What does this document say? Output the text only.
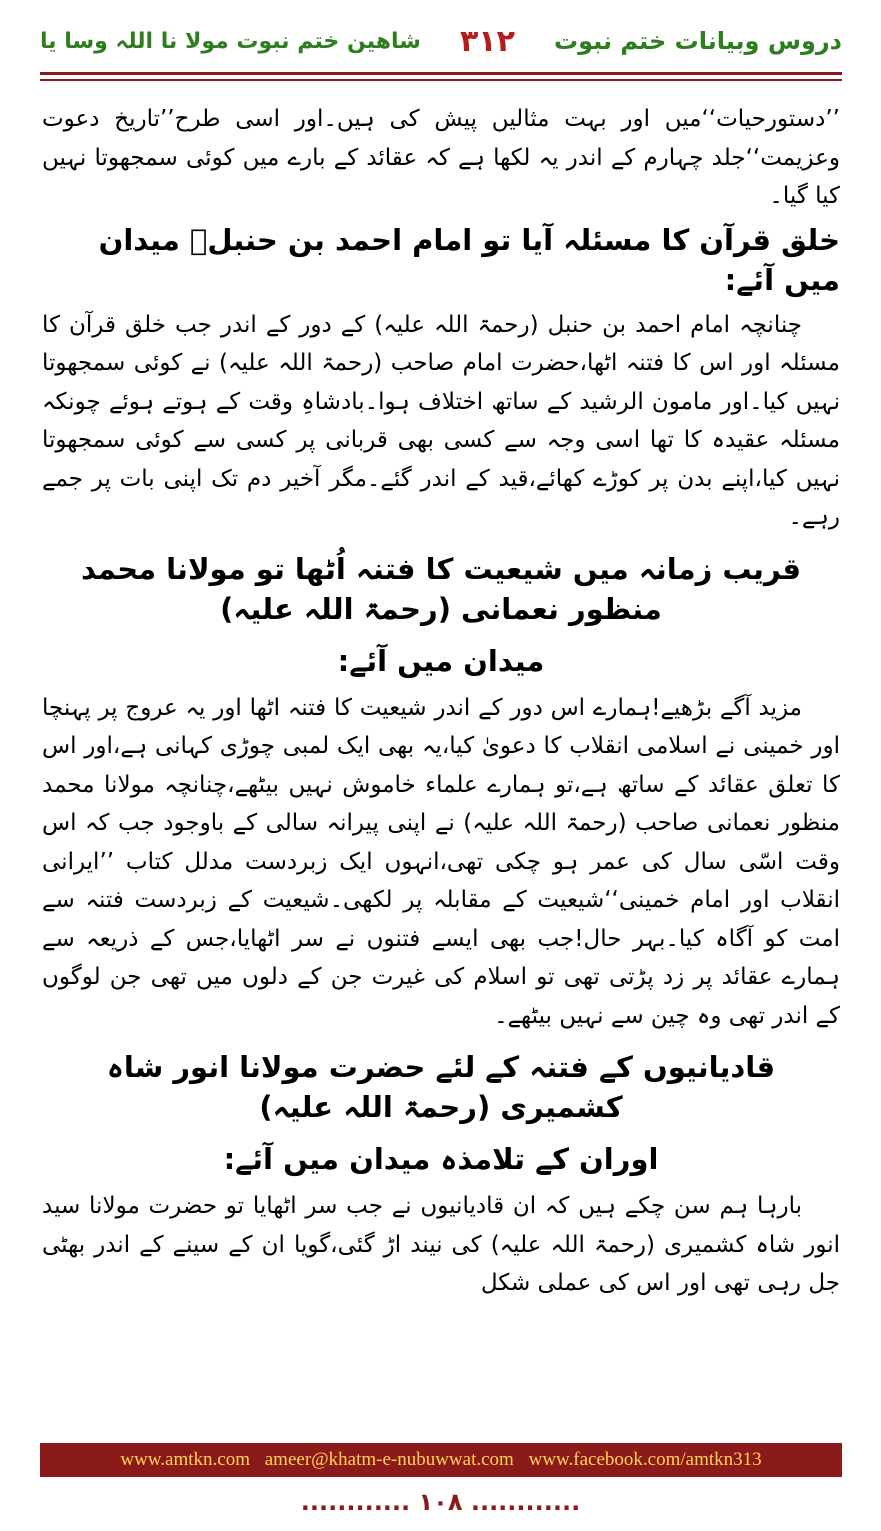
دروس وبیانات ختم نبوت
۳۱۲
شاھین ختم نبوت مولا نا اللہ وسا یا

’’دستورحیات‘‘میں اور بہت مثالیں پیش کی ہیں۔اور اسی طرح’’تاریخ دعوت وعزیمت‘‘جلد چہارم کے اندر یہ لکھا ہے کہ عقائد کے بارے میں کوئی سمجھوتا نہیں کیا گیا۔

خلق قرآن کا مسئلہ آیا تو امام احمد بن حنبلؒ میدان میں آئے:

چنانچہ امام احمد بن حنبل (رحمۃ اللہ علیہ) کے دور کے اندر جب خلق قرآن کا مسئلہ اور اس کا فتنہ اٹھا،حضرت امام صاحب (رحمۃ اللہ علیہ) نے کوئی سمجھوتا نہیں کیا۔اور مامون الرشید کے ساتھ اختلاف ہوا۔بادشاہِ وقت کے ہوتے ہوئے چونکہ مسئلہ عقیدہ کا تھا اسی وجہ سے کسی بھی قربانی پر کسی سے کوئی سمجھوتا نہیں کیا،اپنے بدن پر کوڑے کھائے،قید کے اندر گئے۔مگر آخیر دم تک اپنی بات پر جمے رہے۔

قریب زمانہ میں شیعیت کا فتنہ اُٹھا تو مولانا محمد منظور نعمانی (رحمۃ اللہ علیہ)
میدان میں آئے:

مزید آگے بڑھیے!ہمارے اس دور کے اندر شیعیت کا فتنہ اٹھا اور یہ عروج پر پہنچا اور خمینی نے اسلامی انقلاب کا دعویٰ کیا،یہ بھی ایک لمبی چوڑی کہانی ہے،اور اس کا تعلق عقائد کے ساتھ ہے،تو ہمارے علماء خاموش نہیں بیٹھے،چنانچہ مولانا محمد منظور نعمانی صاحب (رحمۃ اللہ علیہ) نے اپنی پیرانہ سالی کے باوجود جب کہ اس وقت اسّی سال کی عمر ہو چکی تھی،انہوں ایک زبردست مدلل کتاب ’’ایرانی انقلاب اور امام خمینی‘‘شیعیت کے مقابلہ پر لکھی۔شیعیت کے زبردست فتنہ سے امت کو آگاہ کیا۔بہر حال!جب بھی ایسے فتنوں نے سر اٹھایا،جس کے ذریعہ سے ہمارے عقائد پر زد پڑتی تھی تو اسلام کی غیرت جن کے دلوں میں تھی جن لوگوں کے اندر تھی وہ چین سے نہیں بیٹھے۔

قادیانیوں کے فتنہ کے لئے حضرت مولانا انور شاہ کشمیری (رحمۃ اللہ علیہ)
اوران کے تلامذہ میدان میں آئے:

بارہا ہم سن چکے ہیں کہ ان قادیانیوں نے جب سر اٹھایا تو حضرت مولانا سید انور شاہ کشمیری (رحمۃ اللہ علیہ) کی نیند اڑ گئی،گویا ان کے سینے کے اندر بھٹی جل رہی تھی اور اس کی عملی شکل

www.amtkn.com ameer@khatm-e-nubuwwat.com www.facebook.com/amtkn313
............ ۱۰۸ ............
